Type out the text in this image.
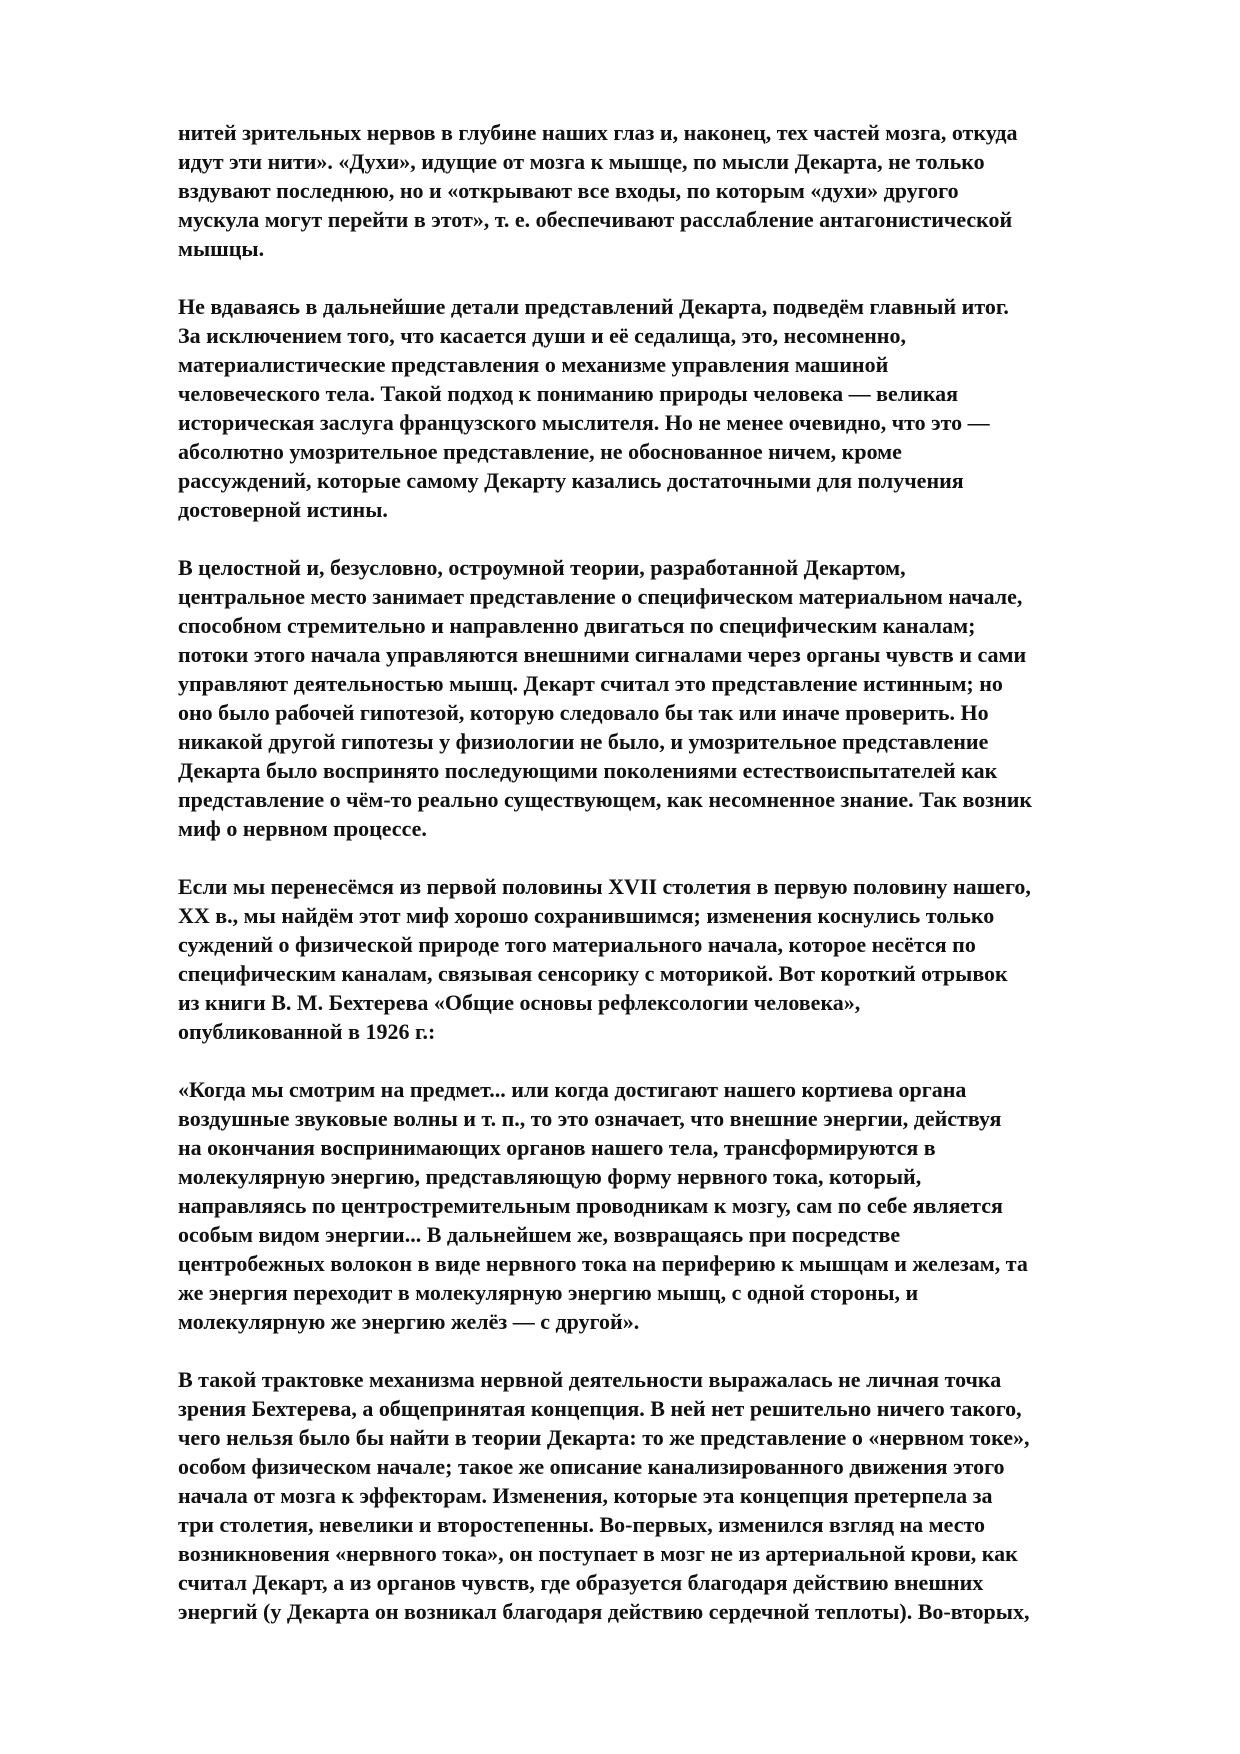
нитей зрительных нервов в глубине наших глаз и, наконец, тех частей мозга, откуда
идут эти нити». «Духи», идущие от мозга к мышце, по мысли Декарта, не только
вздувают последнюю, но и «открывают все входы, по которым «духи» другого
мускула могут перейти в этот», т. е. обеспечивают расслабление антагонистической
мышцы.

Не вдаваясь в дальнейшие детали представлений Декарта, подведём главный итог.
За исключением того, что касается души и её седалища, это, несомненно,
материалистические представления о механизме управления машиной
человеческого тела. Такой подход к пониманию природы человека — великая
историческая заслуга французского мыслителя. Но не менее очевидно, что это —
абсолютно умозрительное представление, не обоснованное ничем, кроме
рассуждений, которые самому Декарту казались достаточными для получения
достоверной истины.

В целостной и, безусловно, остроумной теории, разработанной Декартом,
центральное место занимает представление о специфическом материальном начале,
способном стремительно и направленно двигаться по специфическим каналам;
потоки этого начала управляются внешними сигналами через органы чувств и сами
управляют деятельностью мышц. Декарт считал это представление истинным; но
оно было рабочей гипотезой, которую следовало бы так или иначе проверить. Но
никакой другой гипотезы у физиологии не было, и умозрительное представление
Декарта было воспринято последующими поколениями естествоиспытателей как
представление о чём-то реально существующем, как несомненное знание. Так возник
миф о нервном процессе.

Если мы перенесёмся из первой половины XVII столетия в первую половину нашего,
XX в., мы найдём этот миф хорошо сохранившимся; изменения коснулись только
суждений о физической природе того материального начала, которое несётся по
специфическим каналам, связывая сенсорику с моторикой. Вот короткий отрывок
из книги В. М. Бехтерева «Общие основы рефлексологии человека»,
опубликованной в 1926 г.:

«Когда мы смотрим на предмет... или когда достигают нашего кортиева органа
воздушные звуковые волны и т. п., то это означает, что внешние энергии, действуя
на окончания воспринимающих органов нашего тела, трансформируются в
молекулярную энергию, представляющую форму нервного тока, который,
направляясь по центростремительным проводникам к мозгу, сам по себе является
особым видом энергии... В дальнейшем же, возвращаясь при посредстве
центробежных волокон в виде нервного тока на периферию к мышцам и железам, та
же энергия переходит в молекулярную энергию мышц, с одной стороны, и
молекулярную же энергию желёз — с другой».

В такой трактовке механизма нервной деятельности выражалась не личная точка
зрения Бехтерева, а общепринятая концепция. В ней нет решительно ничего такого,
чего нельзя было бы найти в теории Декарта: то же представление о «нервном токе»,
особом физическом начале; такое же описание канализированного движения этого
начала от мозга к эффекторам. Изменения, которые эта концепция претерпела за
три столетия, невелики и второстепенны. Во-первых, изменился взгляд на место
возникновения «нервного тока», он поступает в мозг не из артериальной крови, как
считал Декарт, а из органов чувств, где образуется благодаря действию внешних
энергий (у Декарта он возникал благодаря действию сердечной теплоты). Во-вторых,
